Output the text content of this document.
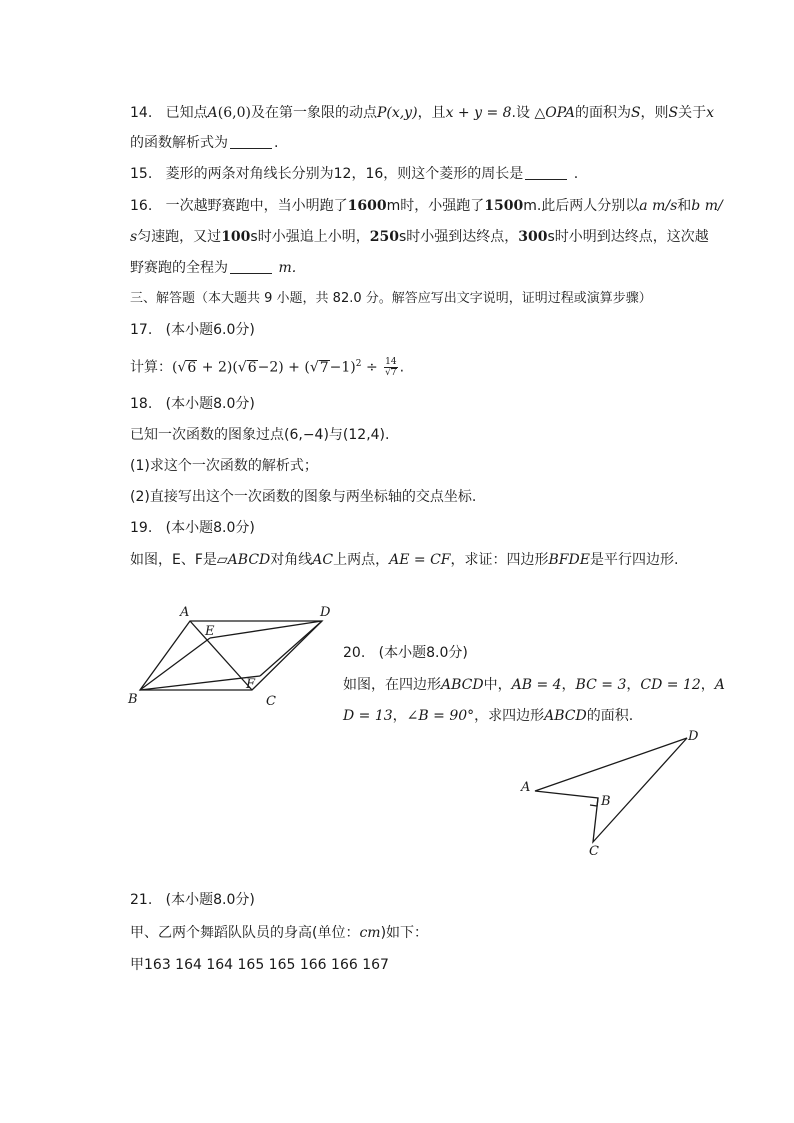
14. 已知点A(6,0)及在第一象限的动点P(x,y)，且x + y = 8.设 △OPA的面积为S，则S关于x
的函数解析式为	.
15. 菱形的两条对角线长分别为12，16，则这个菱形的周长是	.
16. 一次越野赛跑中，当小明跑了1600m时，小强跑了1500m.此后两人分别以a m/s和b m/
s匀速跑，又过100s时小强追上小明，250s时小强到达终点，300s时小明到达终点，这次越
野赛跑的全程为	m.
三、解答题（本大题共 9 小题，共 82.0 分。解答应写出文字说明，证明过程或演算步骤）
17. (本小题6.0分)
计算：$(√6 + 2)(√6-2) + (√7-1)^2 \div \frac{14}{√7}$ .
18. (本小题8.0分)
已知一次函数的图象过点(6,−4)与(12,4).
(1)求这个一次函数的解析式；
(2)直接写出这个一次函数的图象与两坐标轴的交点坐标.
19. (本小题8.0分)
如图，E、F是▱ABCD对角线AC上两点，AE = CF，求证：四边形BFDE是平行四边形.
A	D
E
F
B	C
20. (本小题8.0分)
如图，在四边形ABCD中，AB = 4，BC = 3，CD = 12，A
D = 13，∠B = 90°，求四边形ABCD的面积.
A
B
C
D
21. (本小题8.0分)
甲、乙两个舞蹈队队员的身高(单位：cm)如下：
甲163 164 164 165 165 166 166 167
